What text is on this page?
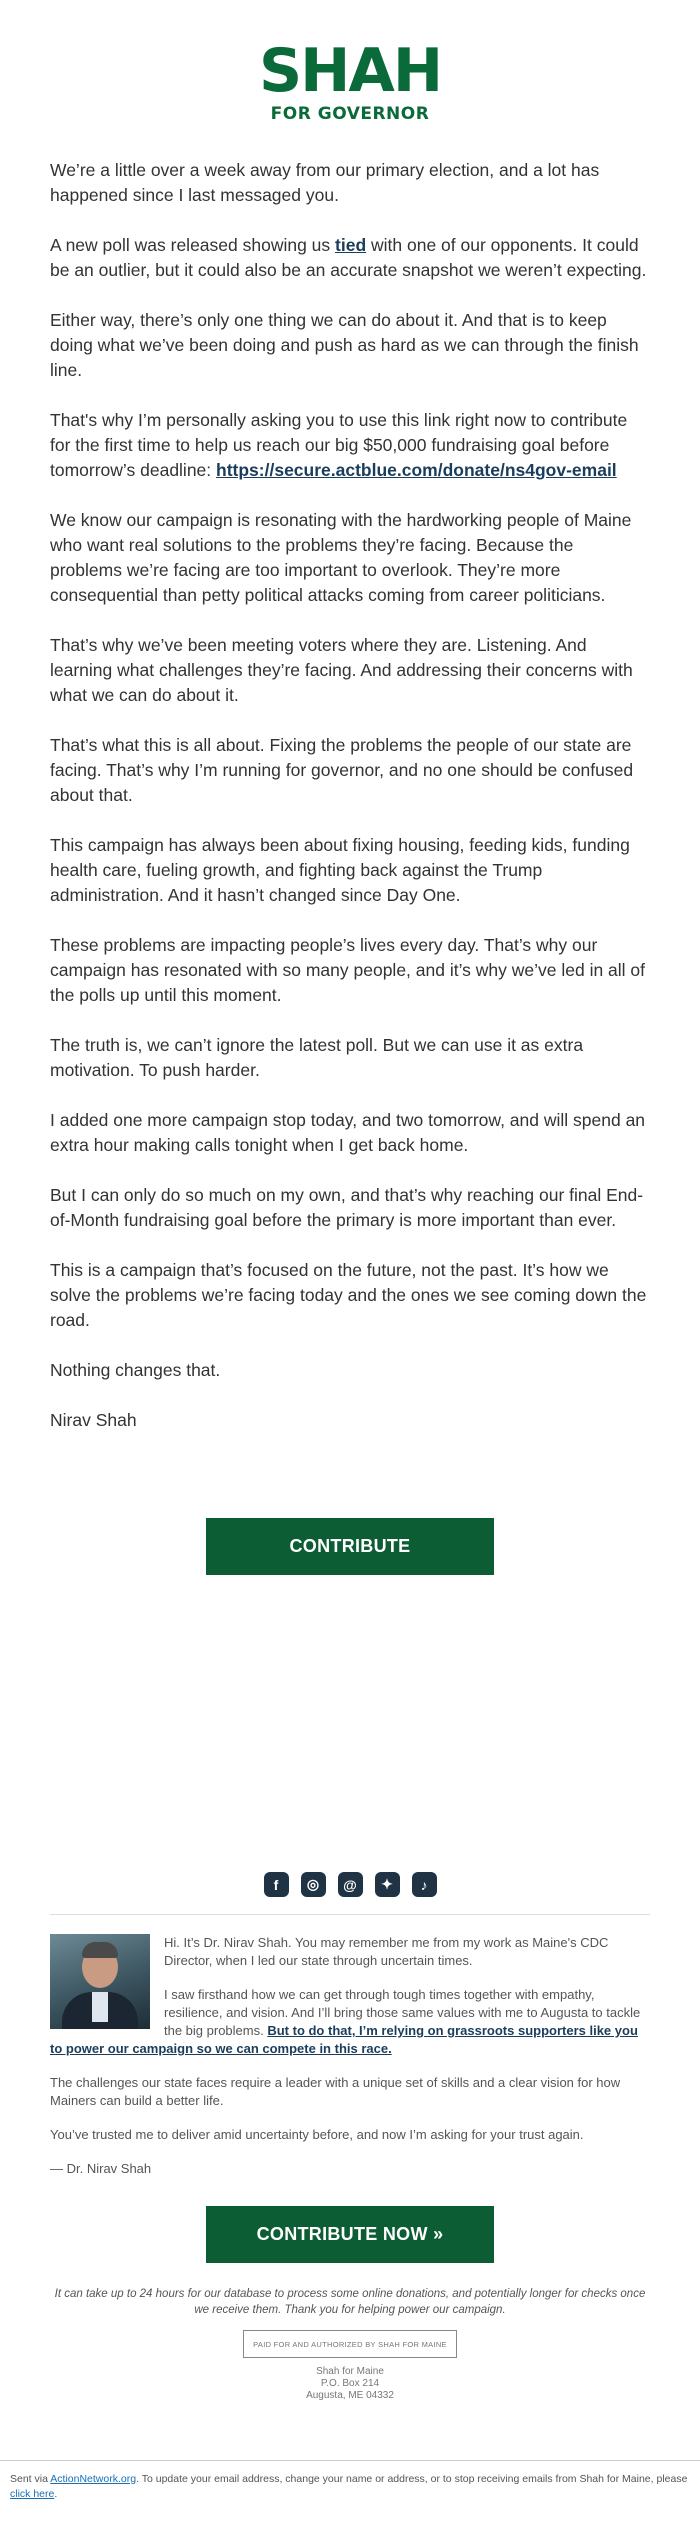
SHAH
FOR GOVERNOR

We’re a little over a week away from our primary election, and a lot has happened since I last messaged you.

A new poll was released showing us tied with one of our opponents. It could be an outlier, but it could also be an accurate snapshot we weren’t expecting.

Either way, there’s only one thing we can do about it. And that is to keep doing what we’ve been doing and push as hard as we can through the finish line.

That's why I’m personally asking you to use this link right now to contribute for the first time to help us reach our big $50,000 fundraising goal before tomorrow’s deadline: https://secure.actblue.com/donate/ns4gov-email

We know our campaign is resonating with the hardworking people of Maine who want real solutions to the problems they’re facing. Because the problems we’re facing are too important to overlook. They’re more consequential than petty political attacks coming from career politicians.

That’s why we’ve been meeting voters where they are. Listening. And learning what challenges they’re facing. And addressing their concerns with what we can do about it.

That’s what this is all about. Fixing the problems the people of our state are facing. That’s why I’m running for governor, and no one should be confused about that.

This campaign has always been about fixing housing, feeding kids, funding health care, fueling growth, and fighting back against the Trump administration. And it hasn’t changed since Day One.

These problems are impacting people’s lives every day. That’s why our campaign has resonated with so many people, and it’s why we’ve led in all of the polls up until this moment.

The truth is, we can’t ignore the latest poll. But we can use it as extra motivation. To push harder.

I added one more campaign stop today, and two tomorrow, and will spend an extra hour making calls tonight when I get back home.

But I can only do so much on my own, and that’s why reaching our final End-of-Month fundraising goal before the primary is more important than ever.

This is a campaign that’s focused on the future, not the past. It’s how we solve the problems we’re facing today and the ones we see coming down the road.

Nothing changes that.

Nirav Shah

CONTRIBUTE
f	◎	@	✦	♪

Hi. It’s Dr. Nirav Shah. You may remember me from my work as Maine's CDC Director, when I led our state through uncertain times.

I saw firsthand how we can get through tough times together with empathy, resilience, and vision. And I’ll bring those same values with me to Augusta to tackle the big problems. But to do that, I’m relying on grassroots supporters like you to power our campaign so we can compete in this race.

The challenges our state faces require a leader with a unique set of skills and a clear vision for how Mainers can build a better life.

You’ve trusted me to deliver amid uncertainty before, and now I’m asking for your trust again.

— Dr. Nirav Shah

CONTRIBUTE NOW »
It can take up to 24 hours for our database to process some online donations, and potentially longer for checks once we receive them. Thank you for helping power our campaign.
PAID FOR AND AUTHORIZED BY SHAH FOR MAINE
Shah for Maine
P.O. Box 214
Augusta, ME 04332
Sent via ActionNetwork.org. To update your email address, change your name or address, or to stop receiving emails from Shah for Maine, please click here.
